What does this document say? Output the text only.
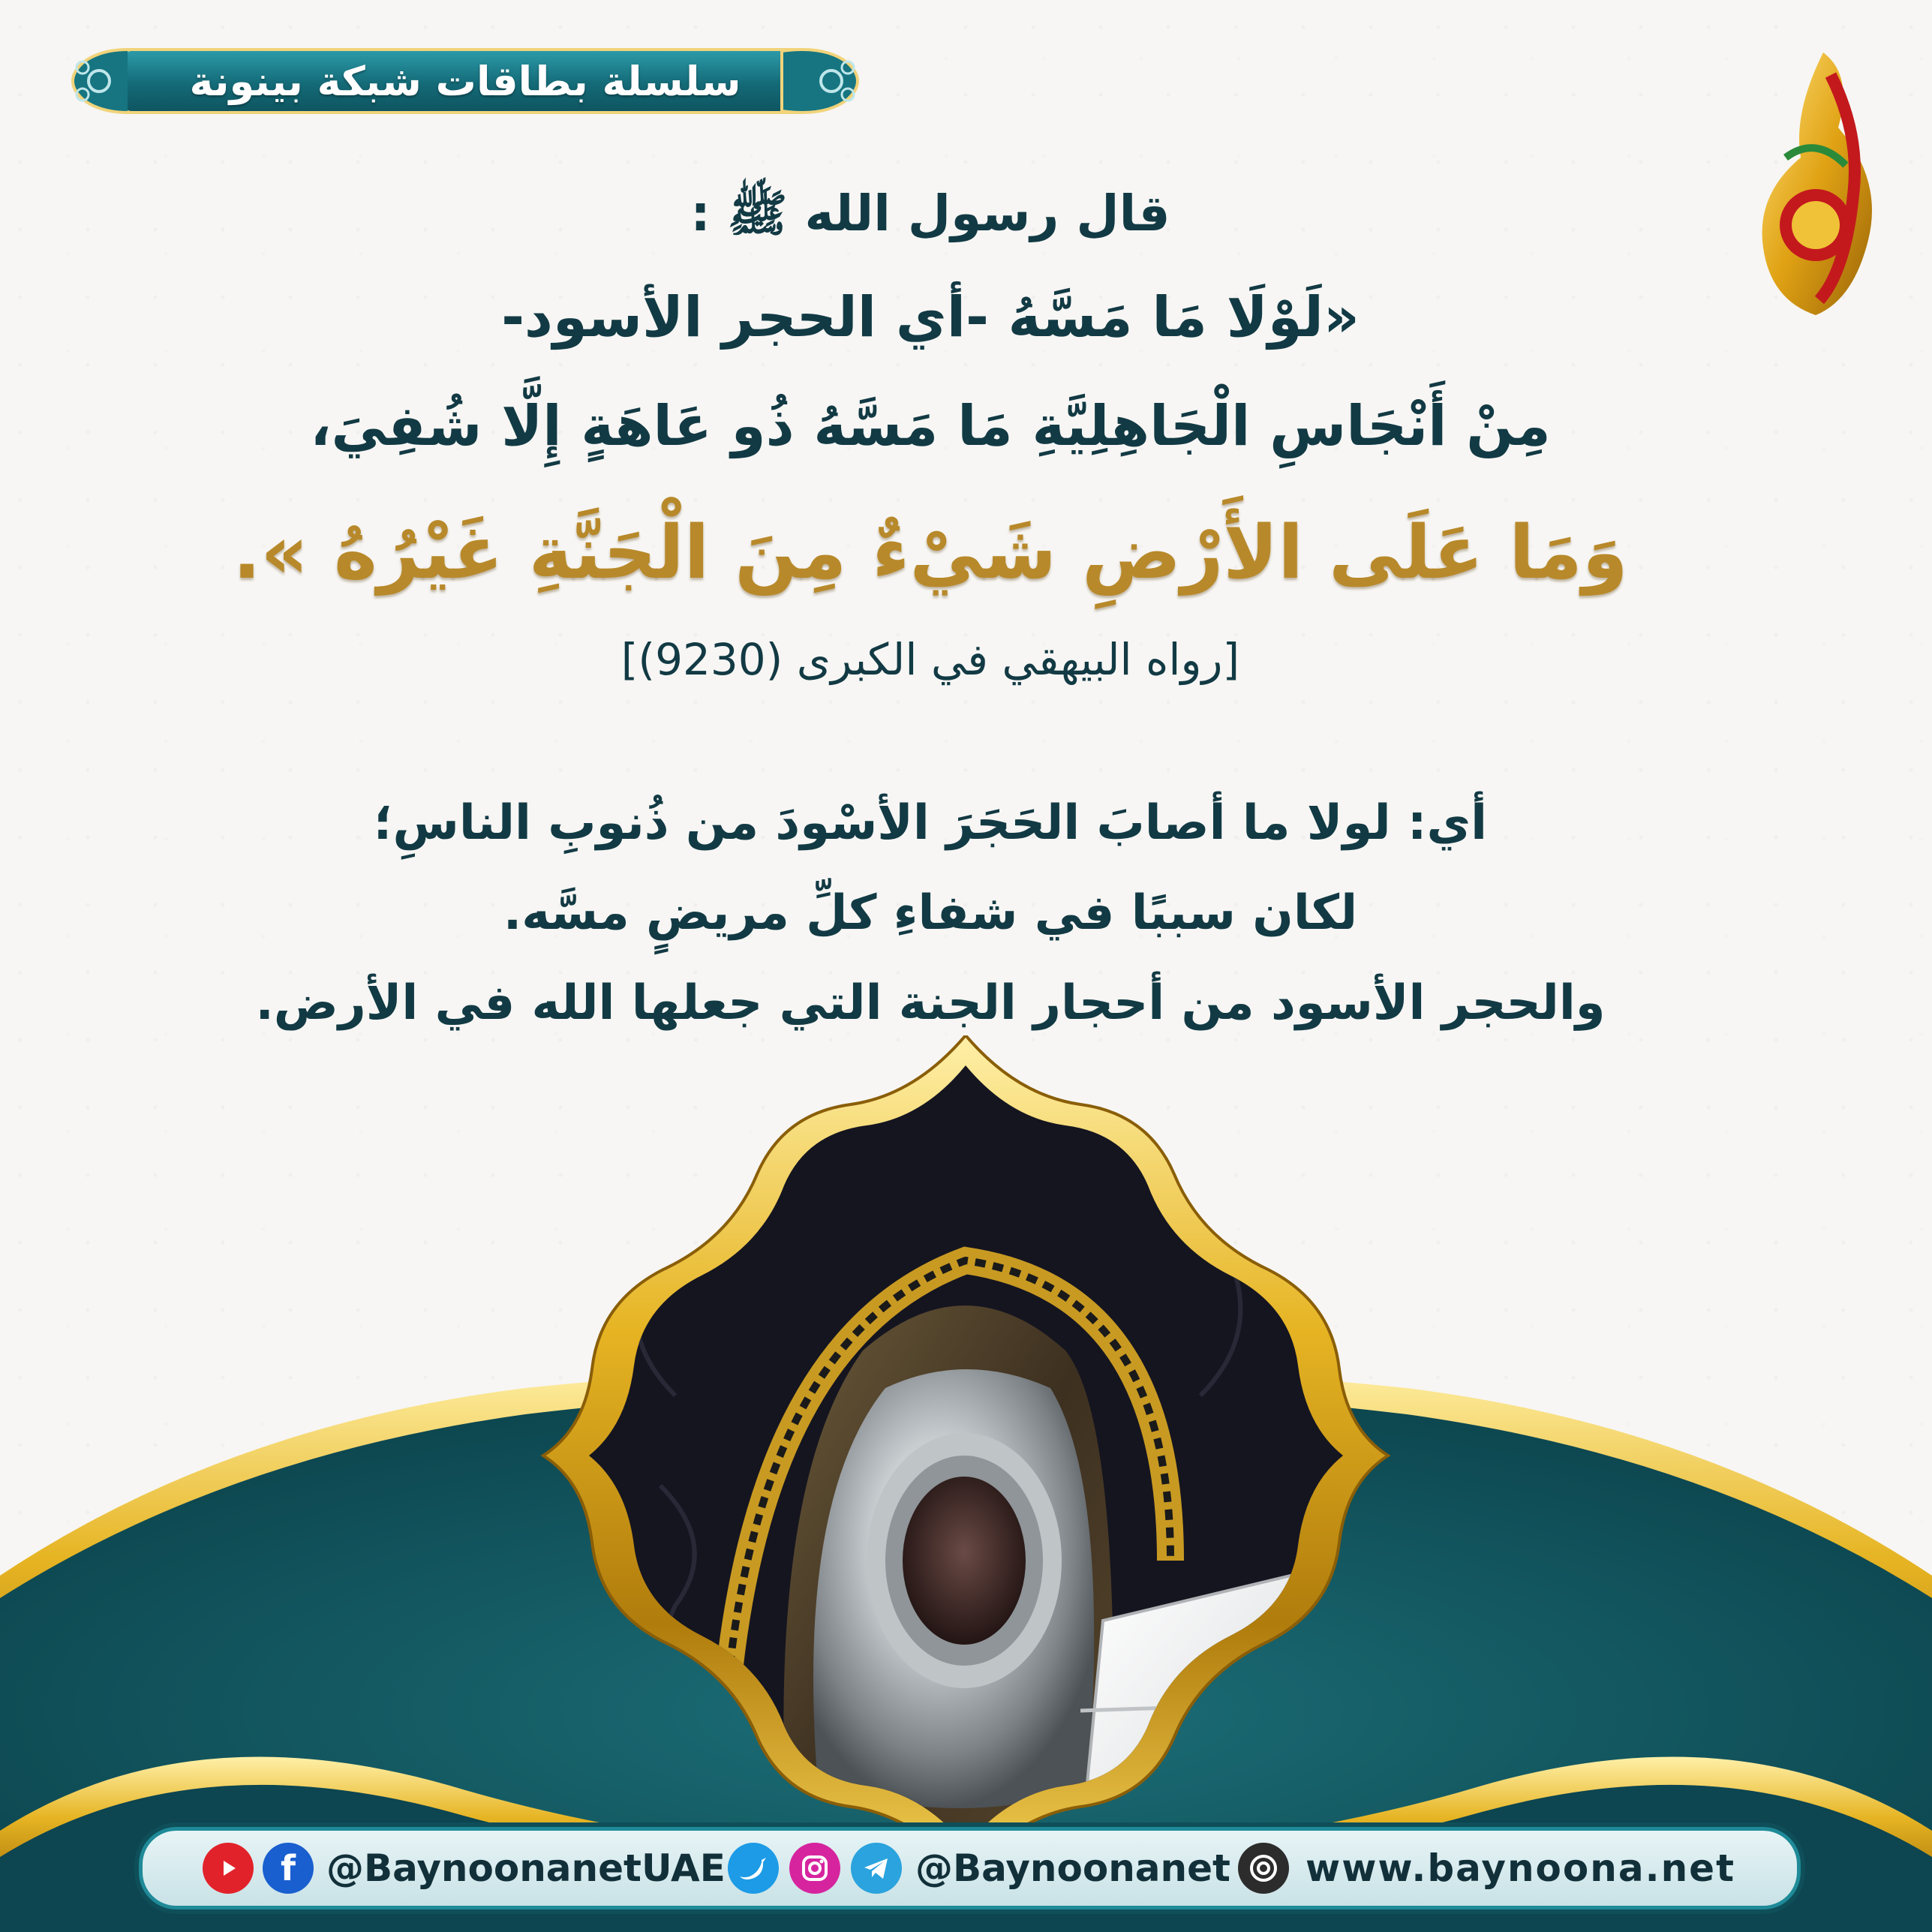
سلسلة بطاقات شبكة بينونة
قال رسول الله ﷺ :
«لَوْلَا مَا مَسَّهُ -أي الحجر الأسود-
مِنْ أَنْجَاسِ الْجَاهِلِيَّةِ مَا مَسَّهُ ذُو عَاهَةٍ إِلَّا شُفِيَ،
وَمَا عَلَى الأَرْضِ شَيْءٌ مِنَ الْجَنَّةِ غَيْرُهُ ».
[رواه البيهقي في الكبرى (9230)]
أي: لولا ما أصابَ الحَجَرَ الأسْودَ من ذُنوبِ الناسِ؛
لكان سببًا في شفاءِ كلِّ مريضٍ مسَّه.
والحجر الأسود من أحجار الجنة التي جعلها الله في الأرض.
f @BaynoonanetUAE	@Baynoonanet www.baynoona.net
